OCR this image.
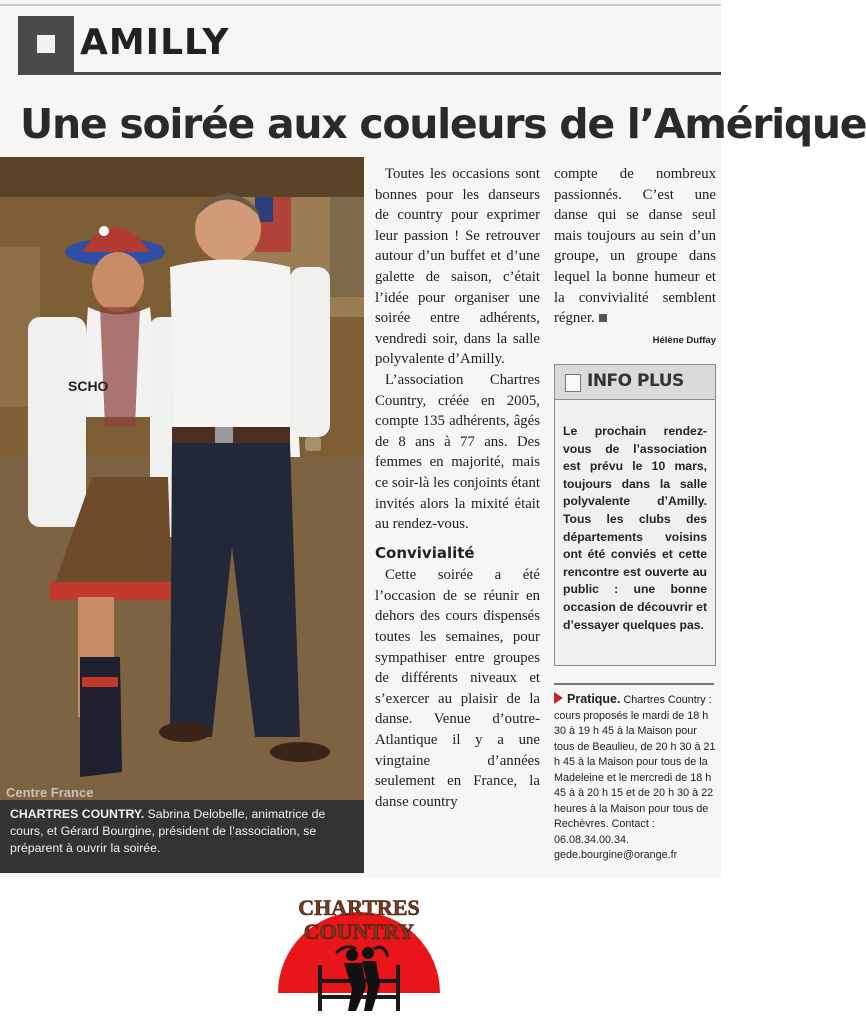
AMILLY
Une soirée aux couleurs de l’Amérique
SCHO
Centre France
CHARTRES COUNTRY. Sabrina Delobelle, animatrice de cours, et Gérard Bourgine, président de l’association, se préparent à ouvrir la soirée.

Toutes les occasions sont bonnes pour les danseurs de country pour exprimer leur passion ! Se retrouver autour d’un buffet et d’une galette de saison, c’était l’idée pour organiser une soirée entre adhérents, vendredi soir, dans la salle polyvalente d’Amilly.

L’association Chartres Country, créée en 2005, compte 135 adhérents, âgés de 8 ans à 77 ans. Des femmes en majorité, mais ce soir-là les conjoints étant invités alors la mixité était au rendez-vous.

Convivialité

Cette soirée a été l’occasion de se réunir en dehors des cours dispensés toutes les semaines, pour sympathiser entre groupes de différents niveaux et s’exercer au plaisir de la danse. Venue d’outre-Atlantique il y a une vingtaine d’années seulement en France, la danse country

compte de nombreux passionnés. C’est une danse qui se danse seul mais toujours au sein d’un groupe, un groupe dans lequel la bonne humeur et la convivialité semblent régner.

Hélène Duffay
INFO PLUS
Le prochain rendez-vous de l’association est prévu le 10 mars, toujours dans la salle polyvalente d’Amilly. Tous les clubs des départements voisins ont été conviés et cette rencontre est ouverte au public : une bonne occasion de découvrir et d’essayer quelques pas.
Pratique. Chartres Country : cours proposés le mardi de 18 h 30 à 19 h 45 à la Maison pour tous de Beaulieu, de 20 h 30 à 21 h 45 à la Maison pour tous de la Madeleine et le mercredi de 18 h 45 à à 20 h 15 et de 20 h 30 à 22 heures à la Maison pour tous de Rechèvres. Contact : 06.08.34.00.34. gede.bourgine@orange.fr
CHARTRES
COUNTRY
